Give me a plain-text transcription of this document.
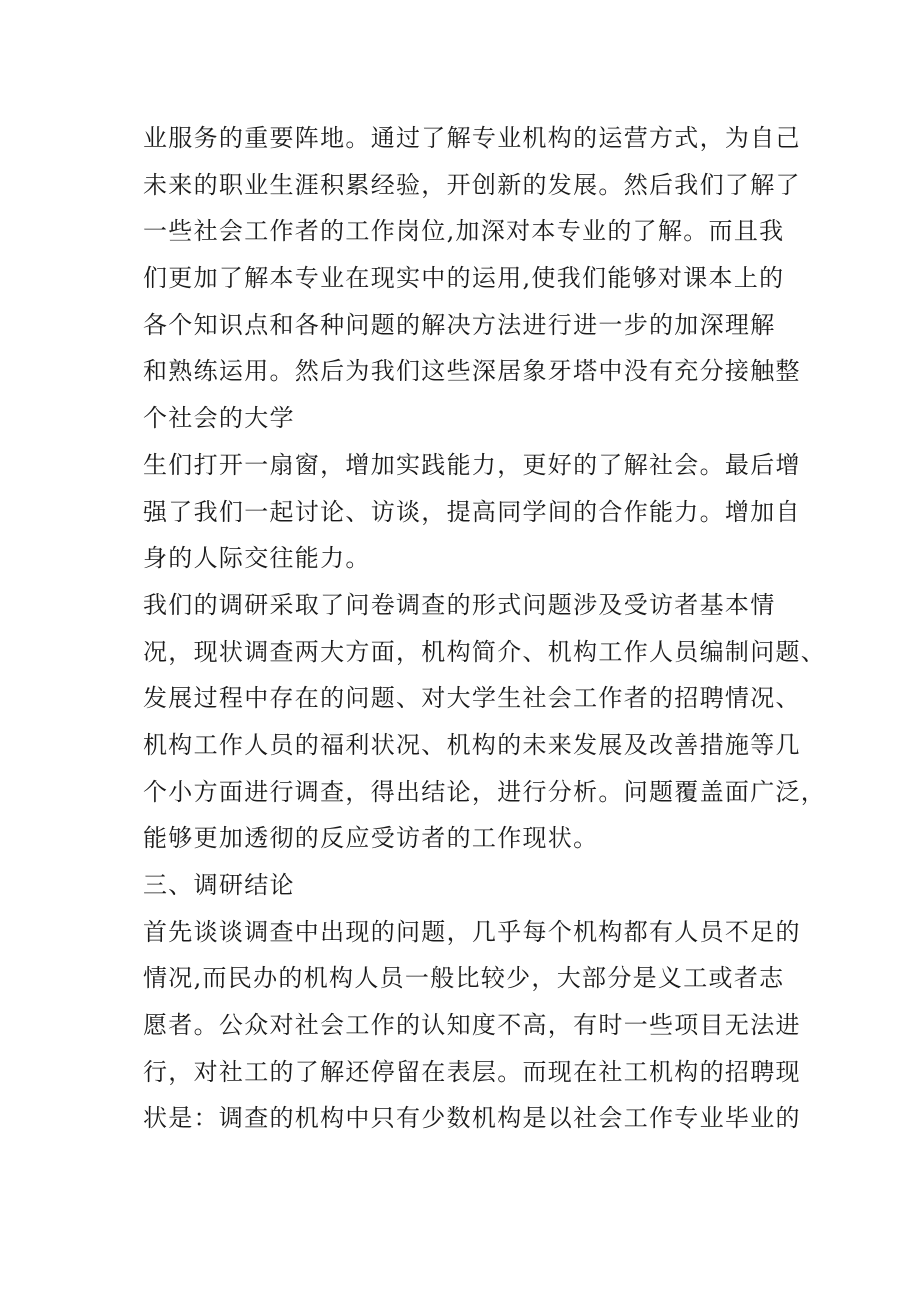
业服务的重要阵地。通过了解专业机构的运营方式，为自己
未来的职业生涯积累经验，开创新的发展。然后我们了解了
一些社会工作者的工作岗位,加深对本专业的了解。而且我
们更加了解本专业在现实中的运用,使我们能够对课本上的
各个知识点和各种问题的解决方法进行进一步的加深理解
和熟练运用。然后为我们这些深居象牙塔中没有充分接触整
个社会的大学
生们打开一扇窗，增加实践能力，更好的了解社会。最后增
强了我们一起讨论、访谈，提高同学间的合作能力。增加自
身的人际交往能力。
我们的调研采取了问卷调查的形式问题涉及受访者基本情
况，现状调查两大方面，机构简介、机构工作人员编制问题、
发展过程中存在的问题、对大学生社会工作者的招聘情况、
机构工作人员的福利状况、机构的未来发展及改善措施等几
个小方面进行调查，得出结论，进行分析。问题覆盖面广泛，
能够更加透彻的反应受访者的工作现状。
三、调研结论
首先谈谈调查中出现的问题，几乎每个机构都有人员不足的
情况,而民办的机构人员一般比较少，大部分是义工或者志
愿者。公众对社会工作的认知度不高，有时一些项目无法进
行，对社工的了解还停留在表层。而现在社工机构的招聘现
状是：调查的机构中只有少数机构是以社会工作专业毕业的
